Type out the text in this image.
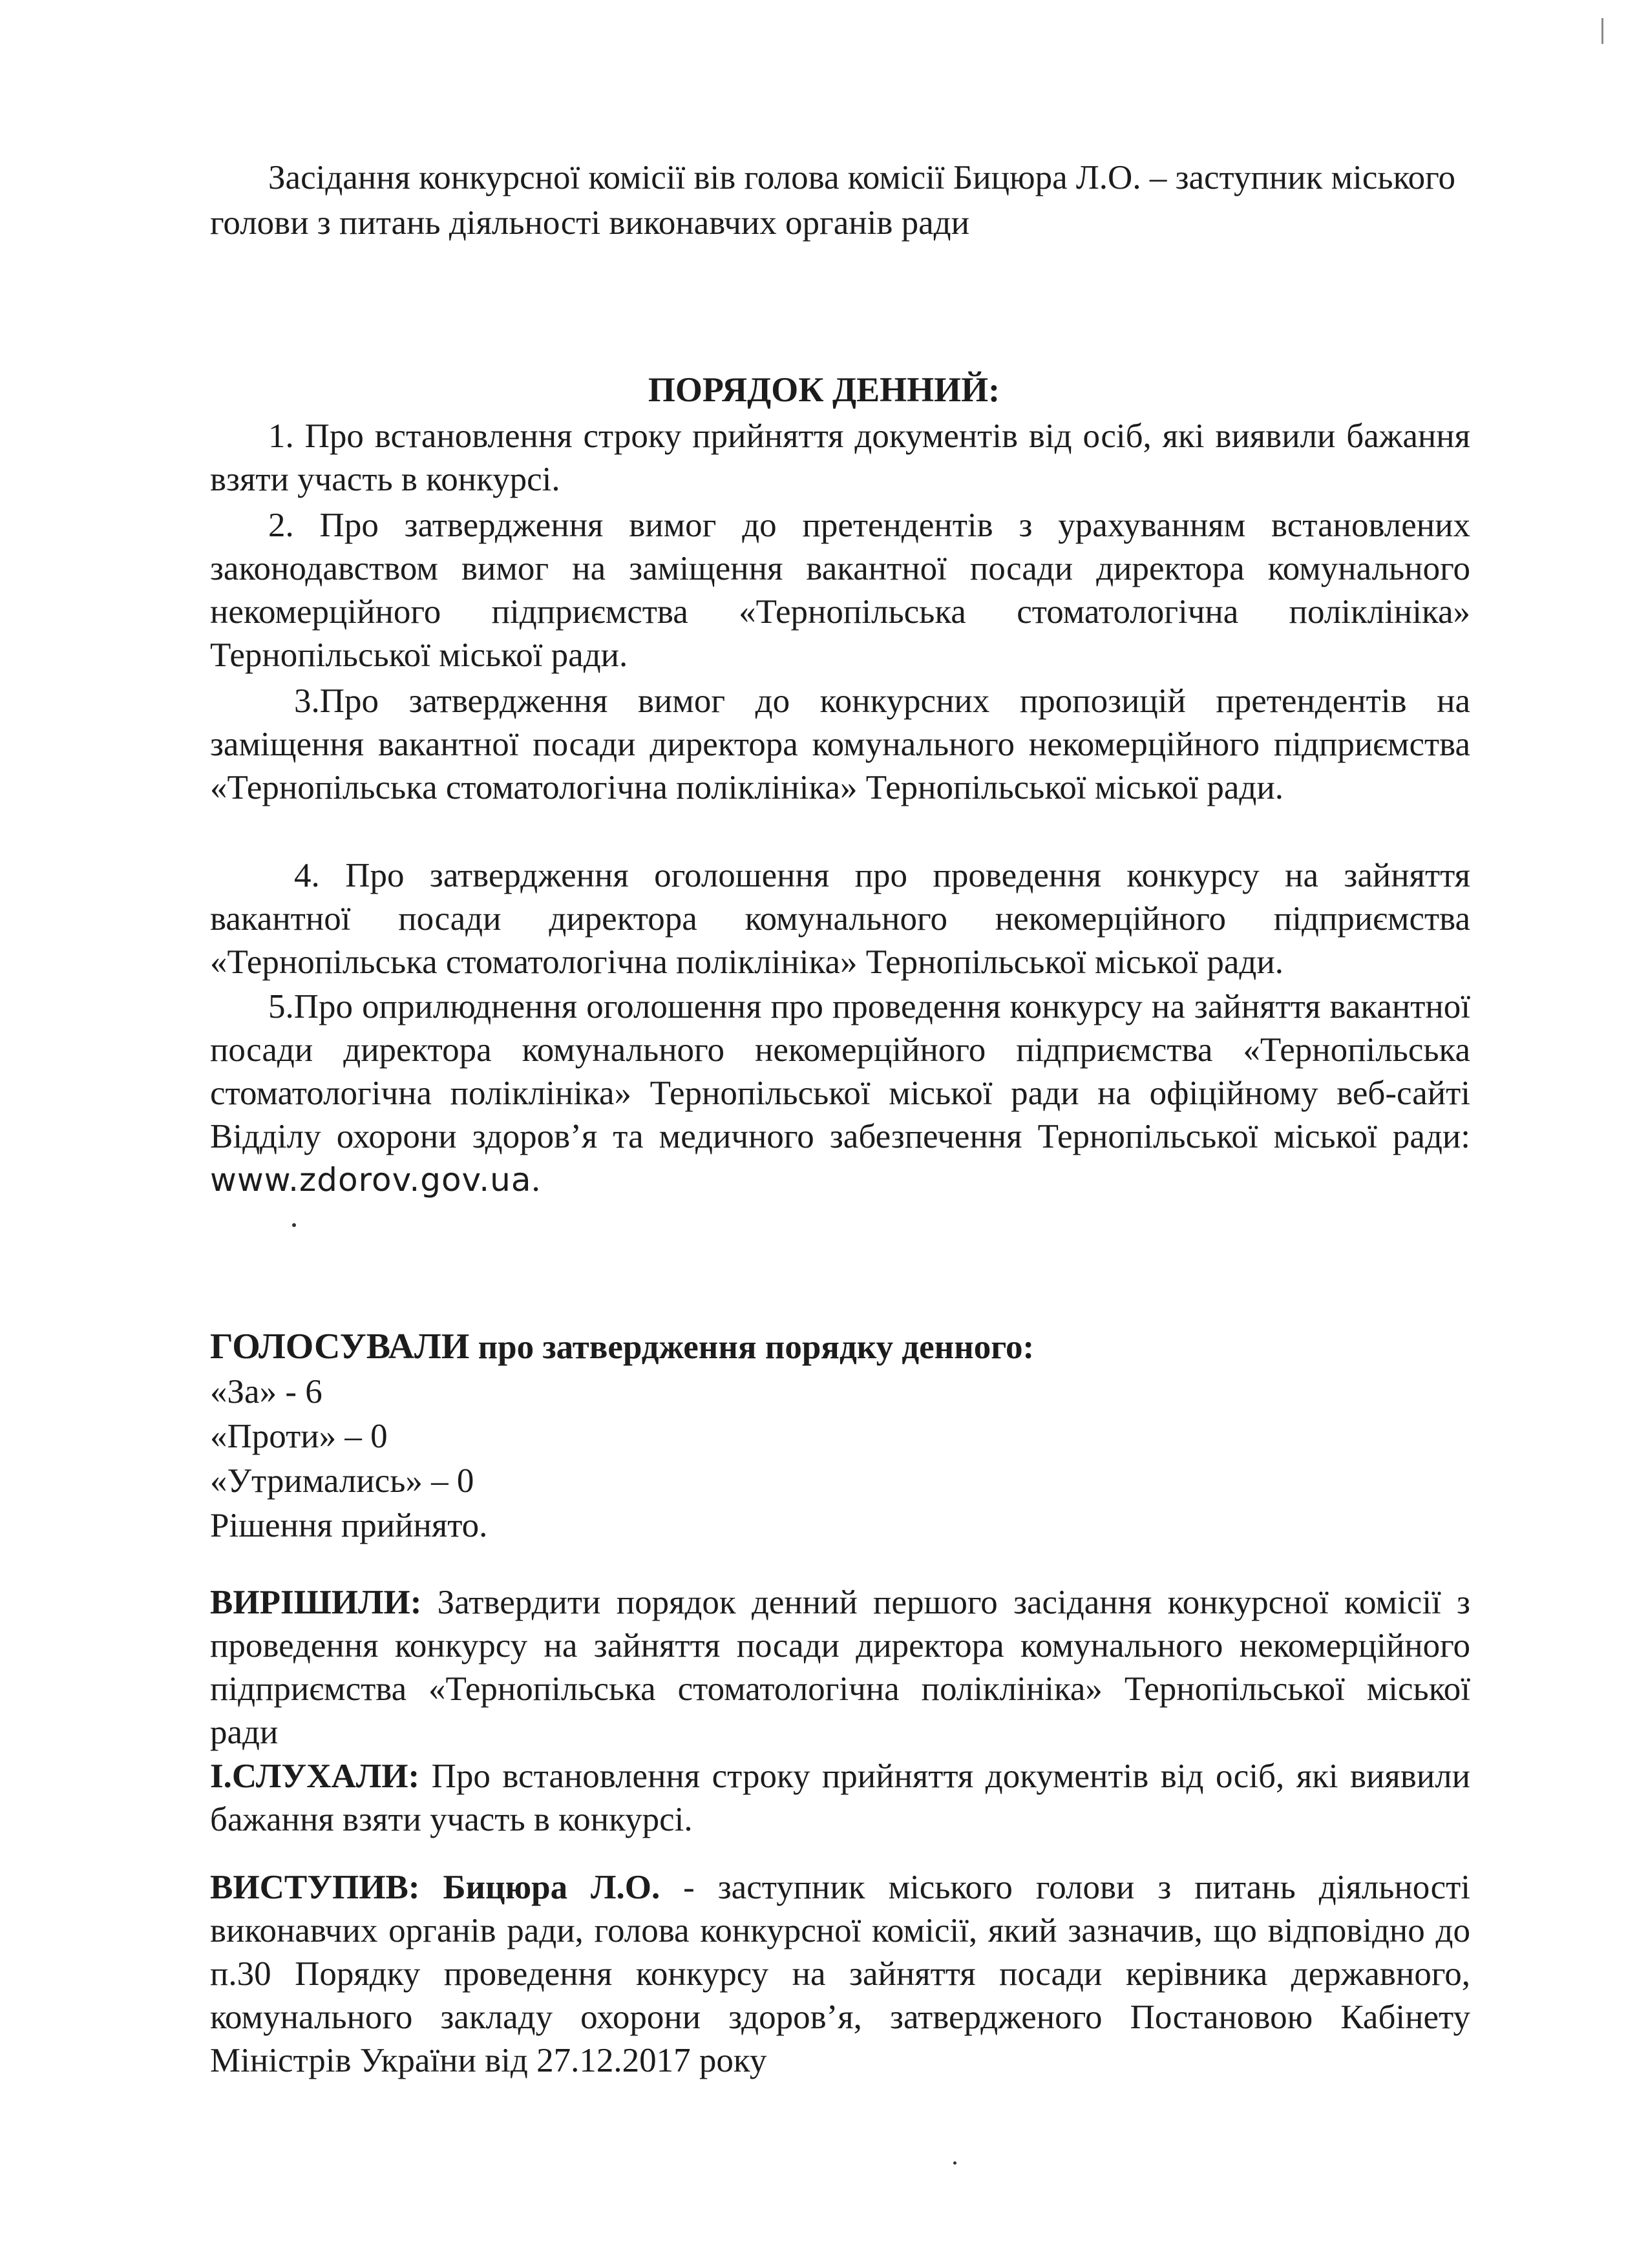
Засідання конкурсної комісії вів голова комісії Бицюра Л.О. – заступник міського голови з питань діяльності виконавчих органів ради

ПОРЯДОК ДЕННИЙ:

1. Про встановлення строку прийняття документів від осіб, які виявили бажання взяти участь в конкурсі.

2. Про затвердження вимог до претендентів з урахуванням встановлених законодавством вимог на заміщення вакантної посади директора комунального некомерційного підприємства «Тернопільська стоматологічна поліклініка» Тернопільської міської ради.

3.Про затвердження вимог до конкурсних пропозицій претендентів на заміщення вакантної посади директора комунального некомерційного підприємства «Тернопільська стоматологічна поліклініка» Тернопільської міської ради.

4. Про затвердження оголошення про проведення конкурсу на зайняття вакантної посади директора комунального некомерційного підприємства «Тернопільська стоматологічна поліклініка» Тернопільської міської ради.

5.Про оприлюднення оголошення про проведення конкурсу на зайняття вакантної посади директора комунального некомерційного підприємства «Тернопільська стоматологічна поліклініка» Тернопільської міської ради на офіційному веб-сайті Відділу охорони здоров’я та медичного забезпечення Тернопільської міської ради: www.zdorov.gov.ua.

ГОЛОСУВАЛИ про затвердження порядку денного:
«За» - 6
«Проти» – 0
«Утримались» – 0
Рішення прийнято.

ВИРІШИЛИ: Затвердити порядок денний першого засідання конкурсної комісії з проведення конкурсу на зайняття посади директора комунального некомерційного підприємства «Тернопільська стоматологічна поліклініка» Тернопільської міської ради

І.СЛУХАЛИ: Про встановлення строку прийняття документів від осіб, які виявили бажання взяти участь в конкурсі.

ВИСТУПИВ: Бицюра Л.О. - заступник міського голови з питань діяльності виконавчих органів ради, голова конкурсної комісії, який зазначив, що відповідно до п.30 Порядку проведення конкурсу на зайняття посади керівника державного, комунального закладу охорони здоров’я, затвердженого Постановою Кабінету Міністрів України від 27.12.2017 року
